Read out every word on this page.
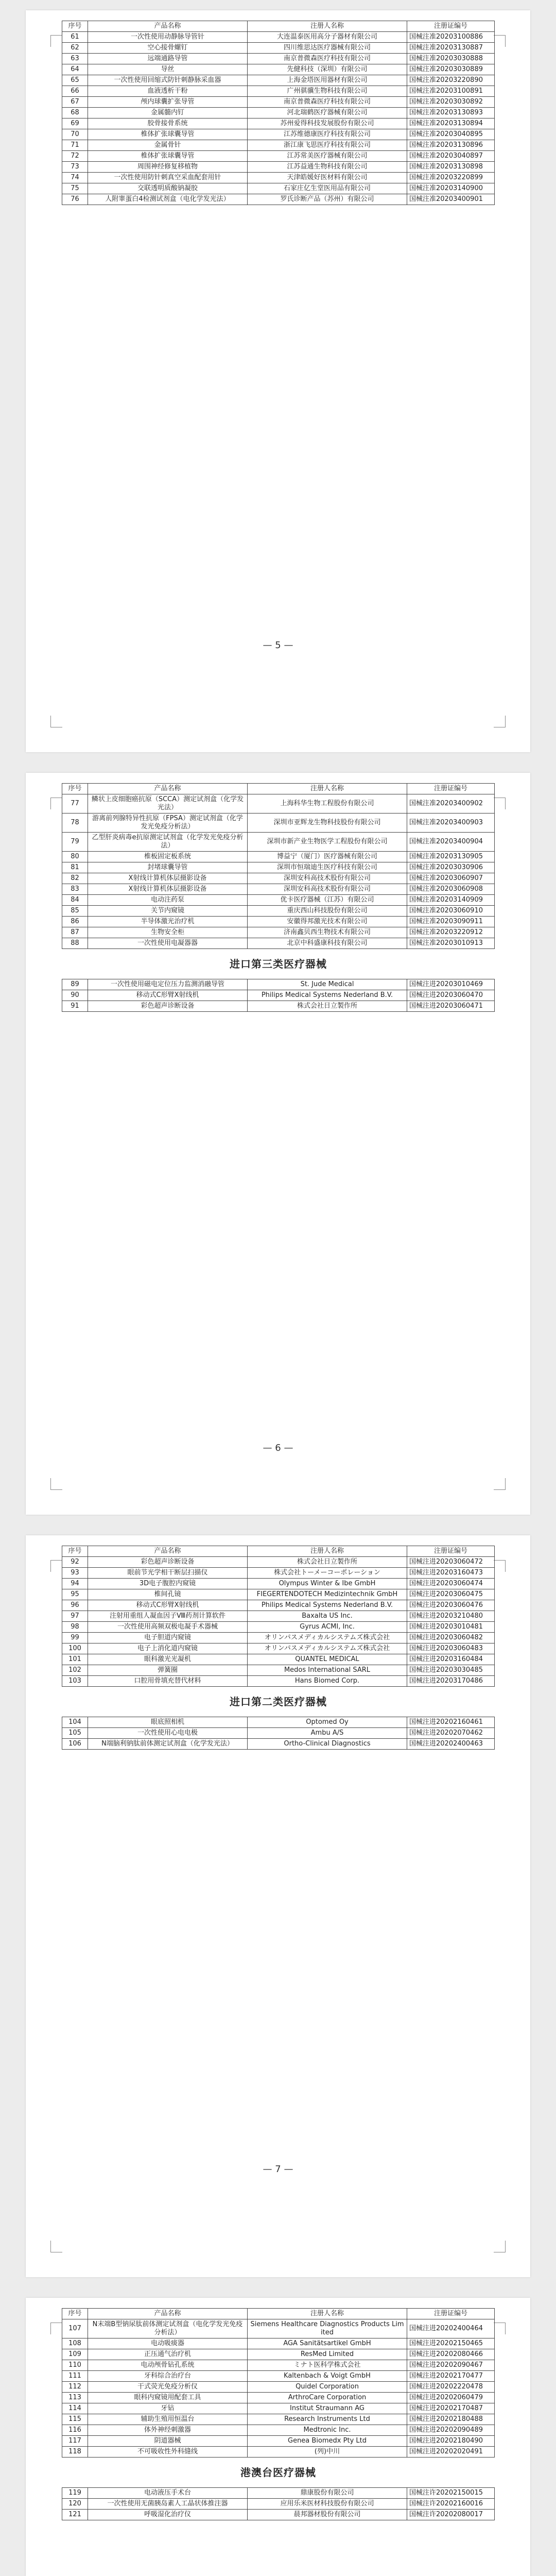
序号	产品名称	注册人名称	注册证编号
61	一次性使用动静脉导管针	大连温泰医用高分子器材有限公司	国械注准20203100886
62	空心接骨螺钉	四川维思达医疗器械有限公司	国械注准20203130887
63	远端通路导管	南京普微森医疗科技有限公司	国械注准20203030888
64	导丝	先健科技（深圳）有限公司	国械注准20203030889
65	一次性使用回缩式防针刺静脉采血器	上海金塔医用器材有限公司	国械注准20203220890
66	血液透析干粉	广州骐骥生物科技有限公司	国械注准20203100891
67	颅内球囊扩张导管	南京普微森医疗科技有限公司	国械注准20203030892
68	金属髓内钉	河北瑞鹤医疗器械有限公司	国械注准20203130893
69	胶骨接骨系统	苏州爱得科技发展股份有限公司	国械注准20203130894
70	椎体扩张球囊导管	江苏维德康医疗科技有限公司	国械注准20203040895
71	金属骨针	浙江康飞思医疗科技有限公司	国械注准20203130896
72	椎体扩张球囊导管	江苏常美医疗器械有限公司	国械注准20203040897
73	周围神经修复移植物	江苏益通生物科技有限公司	国械注准20203130898
74	一次性使用防针刺真空采血配套用针	天津皓媛好医材料有限公司	国械注准20203220899
75	交联透明质酸钠凝胶	石家庄亿生堂医用品有限公司	国械注准20203140900
76	人附睾蛋白4检测试剂盒（电化学发光法）	罗氏诊断产品（苏州）有限公司	国械注准20203400901
— 5 —
序号	产品名称	注册人名称	注册证编号
77	鳞状上皮细胞癌抗原（SCCA）测定试剂盒（化学发光法）	上海科华生物工程股份有限公司	国械注准20203400902
78	游离前列腺特异性抗原（FPSA）测定试剂盒（化学发光免疫分析法）	深圳市亚辉龙生物科技股份有限公司	国械注准20203400903
79	乙型肝炎病毒e抗原测定试剂盒（化学发光免疫分析法）	深圳市新产业生物医学工程股份有限公司	国械注准20203400904
80	椎板固定板系统	博益宁（厦门）医疗器械有限公司	国械注准20203130905
81	封堵球囊导管	深圳市恒瑞迪生医疗科技有限公司	国械注准20203030906
82	X射线计算机体层摄影设备	深圳安科高技术股份有限公司	国械注准20203060907
83	X射线计算机体层摄影设备	深圳安科高技术股份有限公司	国械注准20203060908
84	电动注药泵	优卡医疗器械（江苏）有限公司	国械注准20203140909
85	关节内窥镜	重庆西山科技股份有限公司	国械注准20203060910
86	半导体激光治疗机	安徽得邦激光技术有限公司	国械注准20203090911
87	生物安全柜	济南鑫贝西生物技术有限公司	国械注准20203220912
88	一次性使用电凝器器	北京中科盛康科技有限公司	国械注准20203010913
进口第三类医疗器械			
89	一次性使用磁电定位压力监测消融导管	St. Jude Medical	国械注进20203010469
90	移动式C形臂X射线机	Philips Medical Systems Nederland B.V.	国械注进20203060470
91	彩色超声诊断设备	株式会社日立製作所	国械注进20203060471
— 6 —
序号	产品名称	注册人名称	注册证编号
92	彩色超声诊断设备	株式会社日立製作所	国械注进20203060472
93	眼前节光学相干断层扫描仪	株式会社トーメーコーポレーション	国械注进20203160473
94	3D电子腹腔内窥镜	Olympus Winter & Ibe GmbH	国械注进20203060474
95	椎间孔镜	FIEGERTENDOTECH Medizintechnik GmbH	国械注进20203060475
96	移动式C形臂X射线机	Philips Medical Systems Nederland B.V.	国械注进20203060476
97	注射用重组人凝血因子Ⅷ药剂计算软件	Baxalta US Inc.	国械注进20203210480
98	一次性使用高频双极电凝手术器械	Gyrus ACMI, Inc.	国械注进20203010481
99	电子胆道内窥镜	オリンパスメディカルシステムズ株式会社	国械注进20203060482
100	电子上消化道内窥镜	オリンパスメディカルシステムズ株式会社	国械注进20203060483
101	眼科激光光凝机	QUANTEL MEDICAL	国械注进20203160484
102	弹簧圈	Medos International SARL	国械注进20203030485
103	口腔用骨填充替代材料	Hans Biomed Corp.	国械注进20203170486
进口第二类医疗器械			
104	眼底照相机	Optomed Oy	国械注进20202160461
105	一次性使用心电电极	Ambu A/S	国械注进20202070462
106	N端脑利钠肽前体测定试剂盒（化学发光法）	Ortho-Clinical Diagnostics	国械注进20202400463
— 7 —
序号	产品名称	注册人名称	注册证编号
107	N末端B型钠尿肽前体测定试剂盒（电化学发光免疫分析法）	Siemens Healthcare Diagnostics Products Limited	国械注进20202400464
108	电动吸痰器	AGA Sanitätsartikel GmbH	国械注进20202150465
109	正压通气治疗机	ResMed Limited	国械注进20202080466
110	电动颅骨钻孔系统	ミナト医科学株式会社	国械注进20202090467
111	牙科综合治疗台	Kaltenbach & Voigt GmbH	国械注进20202170477
112	干式荧光免疫分析仪	Quidel Corporation	国械注进20202220478
113	眼科内窥镜用配套工具	ArthroCare Corporation	国械注进20202060479
114	牙钻	Institut Straumann AG	国械注进20202170487
115	辅助生殖用恒温台	Research Instruments Ltd	国械注进20202180488
116	体外神经刺激器	Medtronic Inc.	国械注进20202090489
117	阴道器械	Genea Biomedx Pty Ltd	国械注进20202180490
118	不可吸收性外科缝线	(列)中川	国械注进20202020491
港澳台医疗器械			
119	电动液压手术台	鼎康股份有限公司	国械注许20202150015
120	一次性使用无菌胰岛素人工晶状体推注器	应用乐米医材科技股份有限公司	国械注许20202160016
121	呼吸湿化治疗仪	晨邦器材股份有限公司	国械注许20202080017
